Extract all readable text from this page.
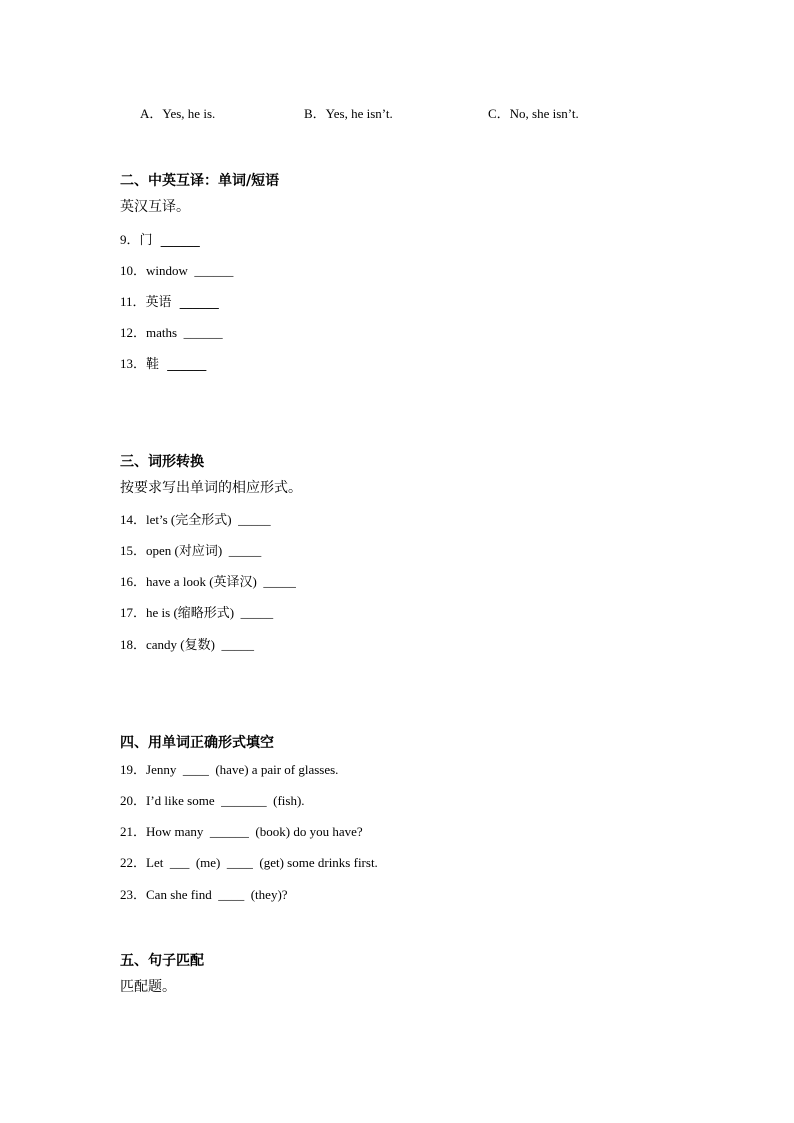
A．Yes, he is.	B．Yes, he isn’t.	C．No, she isn’t.
二、中英互译：单词/短语
英汉互译。
9．门  ______
10．window  ______
11．英语  ______
12．maths  ______
13．鞋  ______
三、词形转换
按要求写出单词的相应形式。
14．let’s (完全形式)  _____
15．open (对应词)  _____
16．have a look (英译汉)  _____
17．he is (缩略形式)  _____
18．candy (复数)  _____
四、用单词正确形式填空
19．Jenny  ____  (have) a pair of glasses.
20．I’d like some  _______  (fish).
21．How many  ______  (book) do you have?
22．Let  ___  (me)  ____  (get) some drinks first.
23．Can she find  ____  (they)?
五、句子匹配
匹配题。
